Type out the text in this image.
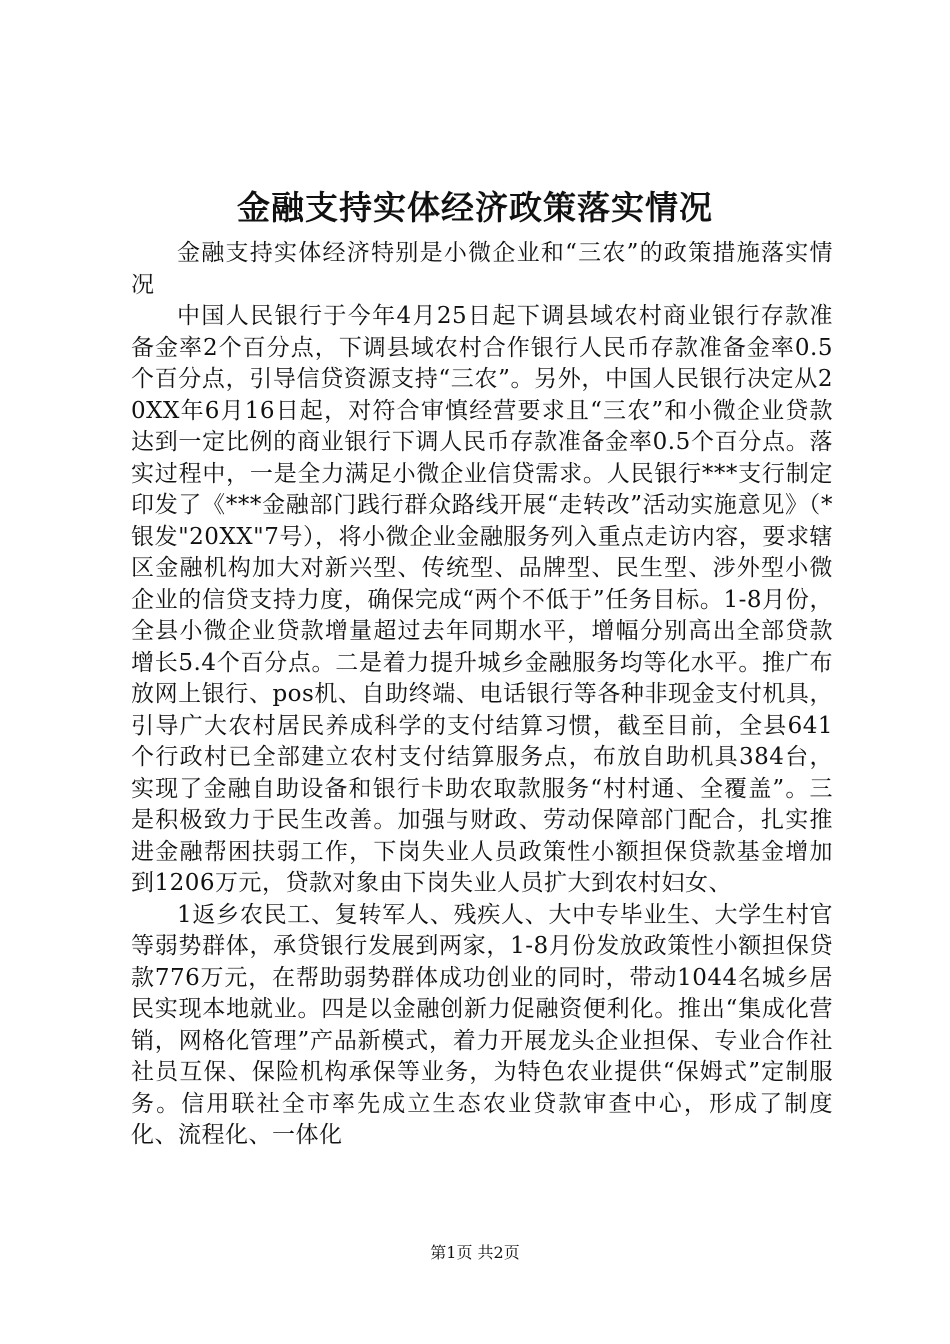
金融支持实体经济政策落实情况

金融支持实体经济特别是小微企业和“三农”的政策措施落实情况

中国人民银行于今年4月25日起下调县域农村商业银行存款准备金率2个百分点，下调县域农村合作银行人民币存款准备金率0.5个百分点，引导信贷资源支持“三农”。另外，中国人民银行决定从20XX年6月16日起，对符合审慎经营要求且“三农”和小微企业贷款达到一定比例的商业银行下调人民币存款准备金率0.5个百分点。落实过程中，一是全力满足小微企业信贷需求。人民银行***支行制定印发了《***金融部门践行群众路线开展“走转改”活动实施意见》（*银发"20XX"7号），将小微企业金融服务列入重点走访内容，要求辖区金融机构加大对新兴型、传统型、品牌型、民生型、涉外型小微企业的信贷支持力度，确保完成“两个不低于”任务目标。1-8月份，全县小微企业贷款增量超过去年同期水平，增幅分别高出全部贷款增长5.4个百分点。二是着力提升城乡金融服务均等化水平。推广布放网上银行、pos机、自助终端、电话银行等各种非现金支付机具，引导广大农村居民养成科学的支付结算习惯，截至目前，全县641个行政村已全部建立农村支付结算服务点，布放自助机具384台，实现了金融自助设备和银行卡助农取款服务“村村通、全覆盖”。三是积极致力于民生改善。加强与财政、劳动保障部门配合，扎实推进金融帮困扶弱工作，下岗失业人员政策性小额担保贷款基金增加到1206万元，贷款对象由下岗失业人员扩大到农村妇女、

1返乡农民工、复转军人、残疾人、大中专毕业生、大学生村官等弱势群体，承贷银行发展到两家，1-8月份发放政策性小额担保贷款776万元，在帮助弱势群体成功创业的同时，带动1044名城乡居民实现本地就业。四是以金融创新力促融资便利化。推出“集成化营销，网格化管理”产品新模式，着力开展龙头企业担保、专业合作社社员互保、保险机构承保等业务，为特色农业提供“保姆式”定制服务。信用联社全市率先成立生态农业贷款审查中心，形成了制度化、流程化、一体化

第1页 共2页
